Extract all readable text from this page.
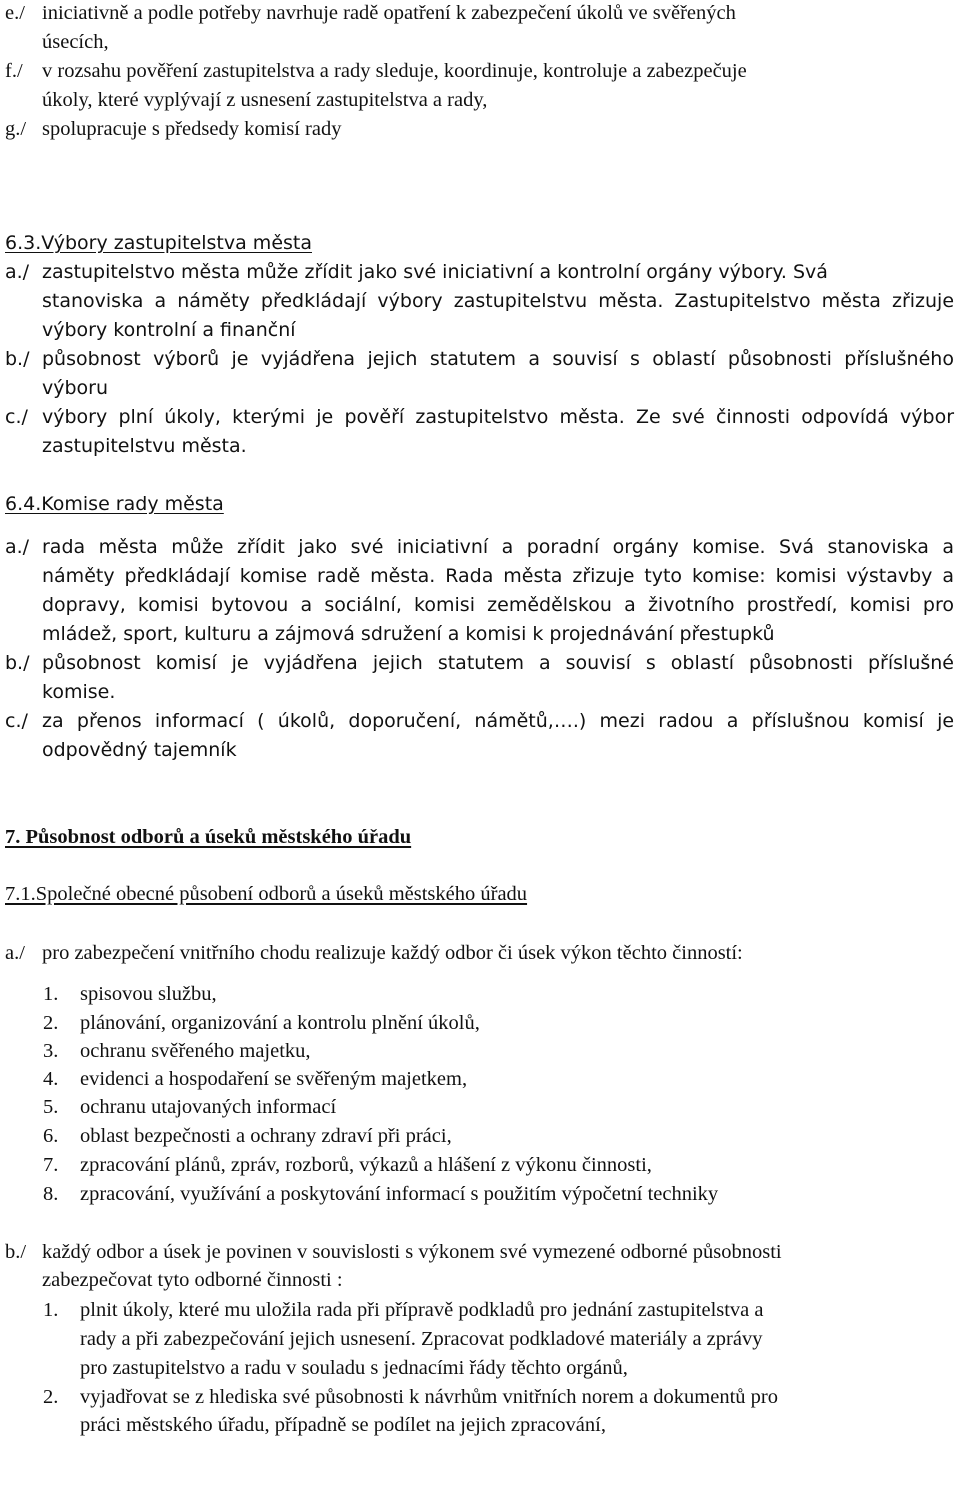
e./

iniciativně a podle potřeby navrhuje radě opatření k zabezpečení úkolů ve svěřených

úsecích,

f./

v rozsahu pověření zastupitelstva a rady sleduje, koordinuje, kontroluje a zabezpečuje

úkoly, které vyplývají z usnesení zastupitelstva a rady,

g./

spolupracuje s předsedy komisí rady

6.3.Výbory zastupitelstva města

a./

zastupitelstvo města může zřídit jako své iniciativní a kontrolní orgány výbory. Svá

stanoviska a náměty předkládají výbory zastupitelstvu města. Zastupitelstvo města zřizuje

výbory kontrolní a finanční

b./

působnost výborů je vyjádřena jejich statutem a souvisí s oblastí působnosti příslušného

výboru

c./

výbory plní úkoly, kterými je pověří zastupitelstvo města. Ze své činnosti odpovídá výbor

zastupitelstvu města.

6.4.Komise rady města

a./

rada města může zřídit jako své iniciativní a poradní orgány komise. Svá stanoviska a

náměty předkládají komise radě města. Rada města zřizuje tyto komise: komisi výstavby a

dopravy, komisi bytovou a sociální, komisi zemědělskou a životního prostředí, komisi pro

mládež, sport, kulturu a zájmová sdružení a komisi k projednávání přestupků

b./

působnost komisí je vyjádřena jejich statutem a souvisí s oblastí působnosti příslušné

komise.

c./

za přenos informací ( úkolů, doporučení, námětů,….) mezi radou a příslušnou komisí je

odpovědný tajemník

7. Působnost odborů a úseků městského úřadu

7.1.Společné obecné působení odborů a úseků městského úřadu

a./

pro zabezpečení vnitřního chodu realizuje každý odbor či úsek výkon těchto činností:

1.

spisovou službu,

2.

plánování, organizování a kontrolu plnění úkolů,

3.

ochranu svěřeného majetku,

4.

evidenci a hospodaření se svěřeným majetkem,

5.

ochranu utajovaných informací

6.

oblast bezpečnosti a ochrany zdraví při práci,

7.

zpracování plánů, zpráv, rozborů, výkazů a hlášení z výkonu činnosti,

8.

zpracování, využívání a poskytování informací s použitím výpočetní techniky

b./

každý odbor a úsek je povinen v souvislosti s výkonem své vymezené odborné působnosti

zabezpečovat tyto odborné činnosti :

1.

plnit úkoly, které mu uložila rada při přípravě podkladů pro jednání zastupitelstva a

rady a při zabezpečování jejich usnesení. Zpracovat podkladové materiály a zprávy

pro zastupitelstvo a radu v souladu s jednacími řády těchto orgánů,

2.

vyjadřovat se z hlediska své působnosti k návrhům vnitřních norem a dokumentů pro

práci městského úřadu, případně se podílet na jejich zpracování,
